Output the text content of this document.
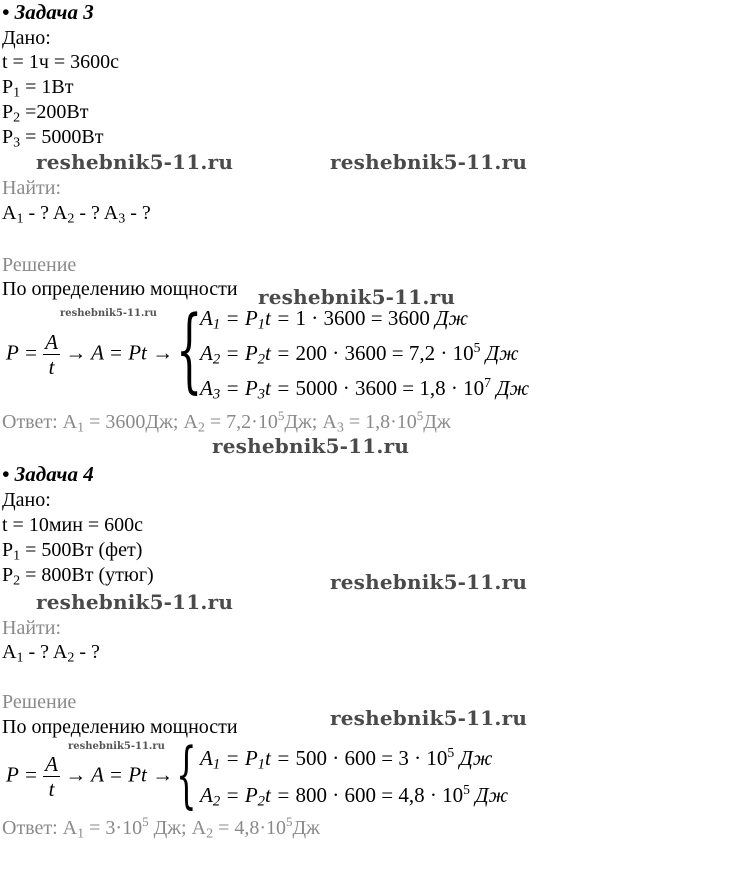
• Задача 3
Дано:
t = 1ч = 3600с
$P_1 = 1Вт$
$P_2 =200Вт$
$P_3 = 5000Вт$
reshebnik5-11.ru	reshebnik5-11.ru
Найти:
$A_1$ - ? $A_2$ - ? $A_3$ - ?
Решение
По определению мощности reshebnik5-11.ru
reshebnik5-11.ru
$P = \frac{A}{t} \to A = Pt$ → {
$A_1 = P_1t = 1 \cdot 3600 = 3600$ Дж
$A_2 = P_2t = 200 \cdot 3600 = 7,2 \cdot 10^5$ Дж
$A_3 = P_3t = 5000 \cdot 3600 = 1,8 \cdot 10^7$ Дж
Ответ: $A_1 = 3600Дж$; $A_2 = 7,2\cdot 10^5Дж$; $A_3 = 1,8\cdot 10^5Дж$
reshebnik5-11.ru
• Задача 4
Дано:
t = 10мин = 600с
$P_1 = 500Вт$ (фет)
$P_2 = 800Вт$ (утюг)	reshebnik5-11.ru
reshebnik5-11.ru
Найти:
$A_1$ - ? $A_2$ - ?
Решение
По определению мощности	reshebnik5-11.ru
reshebnik5-11.ru
$P = \frac{A}{t} \to A = Pt$ → { $A_1 = P_1t = 500 \cdot 600 = 3 \cdot 10^5$ Дж
$A_2 = P_2t = 800 \cdot 600 = 4,8 \cdot 10^5$ Дж
Ответ: $A_1 = 3\cdot 10^5$ Дж; $A_2 = 4,8\cdot 10^5Дж$
